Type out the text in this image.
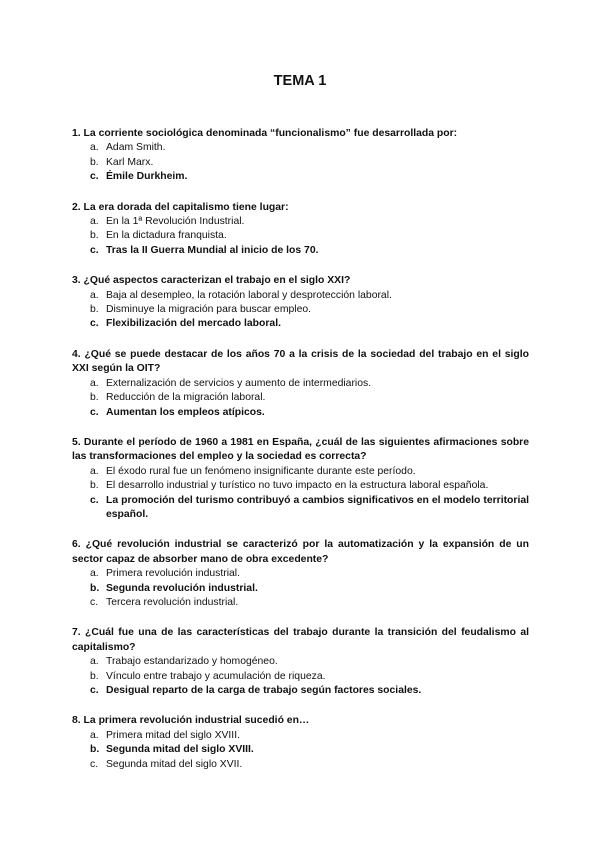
TEMA 1
1. La corriente sociológica denominada “funcionalismo” fue desarrollada por:
a. Adam Smith.
b. Karl Marx.
c. Émile Durkheim.
2. La era dorada del capitalismo tiene lugar:
a. En la 1ª Revolución Industrial.
b. En la dictadura franquista.
c. Tras la II Guerra Mundial al inicio de los 70.
3. ¿Qué aspectos caracterizan el trabajo en el siglo XXI?
a. Baja al desempleo, la rotación laboral y desprotección laboral.
b. Disminuye la migración para buscar empleo.
c. Flexibilización del mercado laboral.
4. ¿Qué se puede destacar de los años 70 a la crisis de la sociedad del trabajo en el siglo XXI según la OIT?
a. Externalización de servicios y aumento de intermediarios.
b. Reducción de la migración laboral.
c. Aumentan los empleos atípicos.
5. Durante el período de 1960 a 1981 en España, ¿cuál de las siguientes afirmaciones sobre las transformaciones del empleo y la sociedad es correcta?
a. El éxodo rural fue un fenómeno insignificante durante este período.
b. El desarrollo industrial y turístico no tuvo impacto en la estructura laboral española.
c. La promoción del turismo contribuyó a cambios significativos en el modelo territorial español.
6. ¿Qué revolución industrial se caracterizó por la automatización y la expansión de un sector capaz de absorber mano de obra excedente?
a. Primera revolución industrial.
b. Segunda revolución industrial.
c. Tercera revolución industrial.
7. ¿Cuál fue una de las características del trabajo durante la transición del feudalismo al capitalismo?
a. Trabajo estandarizado y homogéneo.
b. Vínculo entre trabajo y acumulación de riqueza.
c. Desigual reparto de la carga de trabajo según factores sociales.
8. La primera revolución industrial sucedió en…
a. Primera mitad del siglo XVIII.
b. Segunda mitad del siglo XVIII.
c. Segunda mitad del siglo XVII.
